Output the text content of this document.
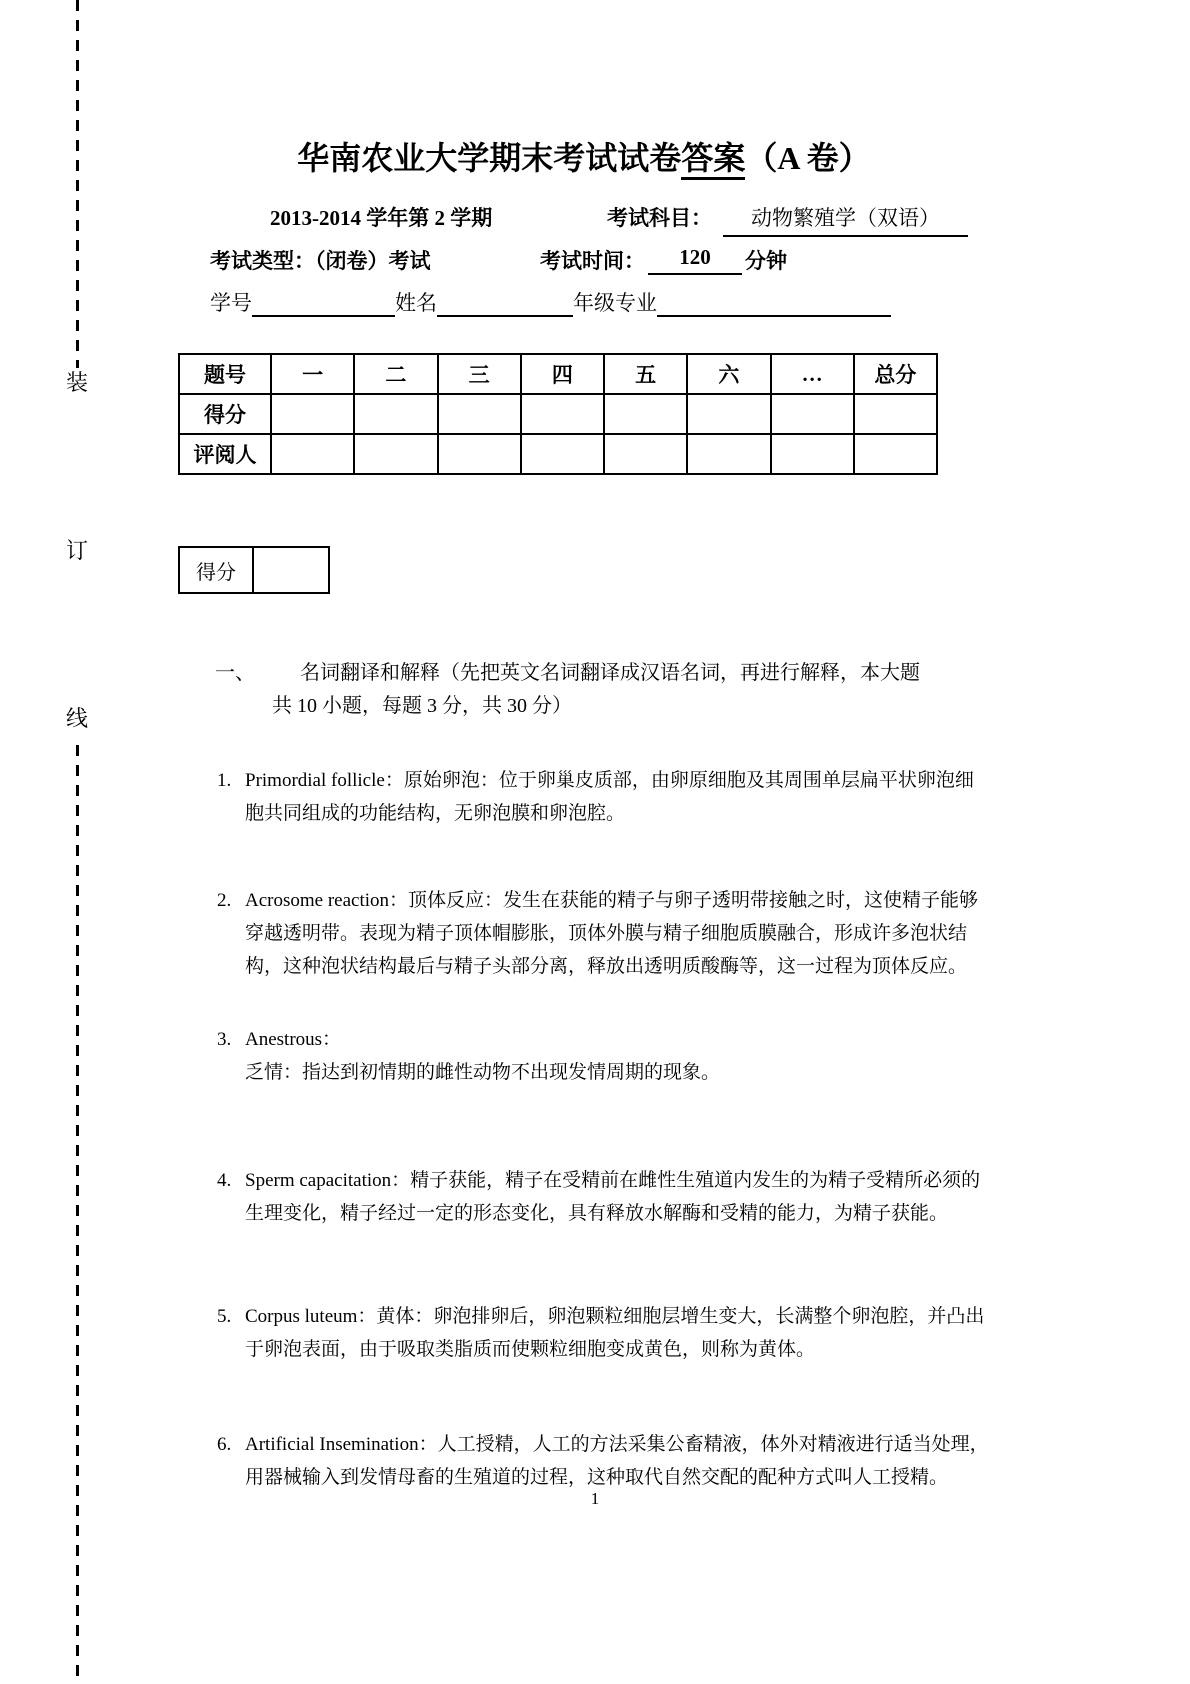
装
订
线
华南农业大学期末考试试卷答案（A 卷）
2013-2014 学年第 2 学期	考试科目：	动物繁殖学（双语）
考试类型：（闭卷）考试	考试时间：	120	分钟
学号	姓名	年级专业
题号	一	二	三	四	五	六	…	总分
得分								
评阅人								
得分	
一、	名词翻译和解释（先把英文名词翻译成汉语名词，再进行解释，本大题
共 10 小题，每题 3 分，共 30 分）
1. Primordial follicle：原始卵泡：位于卵巢皮质部，由卵原细胞及其周围单层扁平状卵泡细胞共同组成的功能结构，无卵泡膜和卵泡腔。
2. Acrosome reaction：顶体反应：发生在获能的精子与卵子透明带接触之时，这使精子能够穿越透明带。表现为精子顶体帽膨胀，顶体外膜与精子细胞质膜融合，形成许多泡状结构，这种泡状结构最后与精子头部分离，释放出透明质酸酶等，这一过程为顶体反应。
3. Anestrous：
乏情：指达到初情期的雌性动物不出现发情周期的现象。
4. Sperm capacitation：精子获能，精子在受精前在雌性生殖道内发生的为精子受精所必须的生理变化，精子经过一定的形态变化，具有释放水解酶和受精的能力，为精子获能。
5. Corpus luteum：黄体：卵泡排卵后，卵泡颗粒细胞层增生变大，长满整个卵泡腔，并凸出于卵泡表面，由于吸取类脂质而使颗粒细胞变成黄色，则称为黄体。
6. Artificial Insemination：人工授精，人工的方法采集公畜精液，体外对精液进行适当处理，用器械输入到发情母畜的生殖道的过程，这种取代自然交配的配种方式叫人工授精。
1
